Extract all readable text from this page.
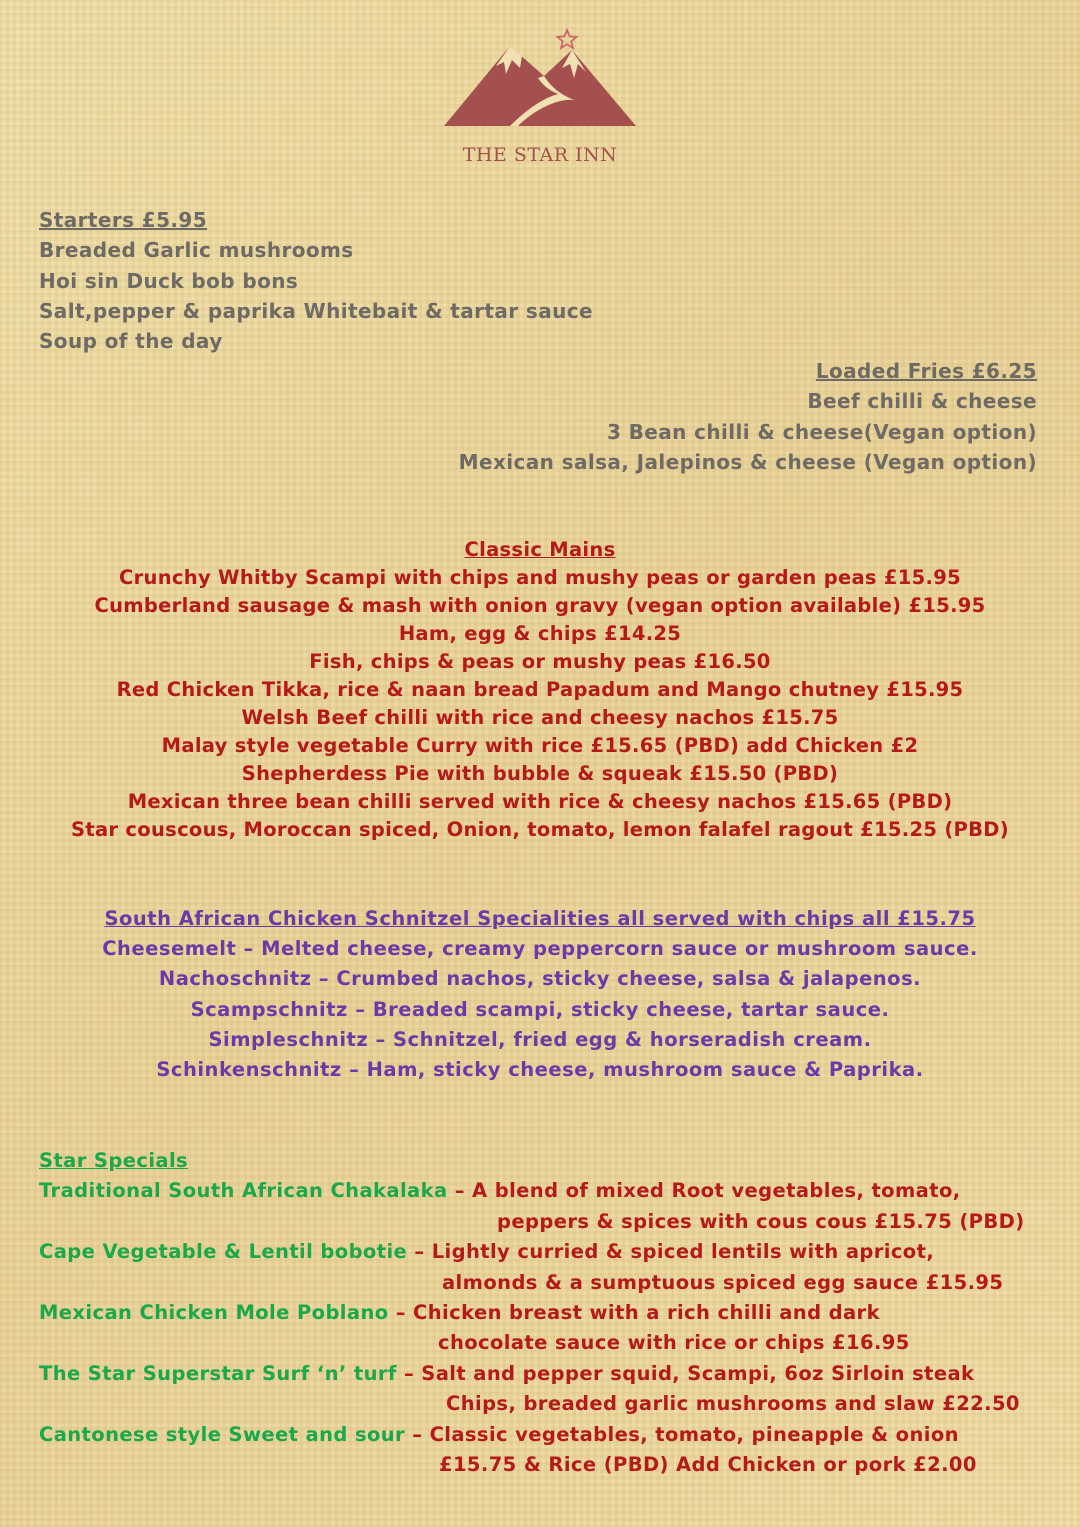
THE STAR INN
Starters £5.95
Breaded Garlic mushrooms
Hoi sin Duck bob bons
Salt,pepper & paprika Whitebait & tartar sauce
Soup of the day
Loaded Fries £6.25
Beef chilli & cheese
3 Bean chilli & cheese(Vegan option)
Mexican salsa, Jalepinos & cheese (Vegan option)
Classic Mains
Crunchy Whitby Scampi with chips and mushy peas or garden peas £15.95
Cumberland sausage & mash with onion gravy (vegan option available) £15.95
Ham, egg & chips £14.25
Fish, chips & peas or mushy peas £16.50
Red Chicken Tikka, rice & naan bread Papadum and Mango chutney £15.95
Welsh Beef chilli with rice and cheesy nachos £15.75
Malay style vegetable Curry with rice £15.65 (PBD) add Chicken £2
Shepherdess Pie with bubble & squeak £15.50 (PBD)
Mexican three bean chilli served with rice & cheesy nachos £15.65 (PBD)
Star couscous, Moroccan spiced, Onion, tomato, lemon falafel ragout £15.25 (PBD)
South African Chicken Schnitzel Specialities all served with chips all £15.75
Cheesemelt – Melted cheese, creamy peppercorn sauce or mushroom sauce.
Nachoschnitz – Crumbed nachos, sticky cheese, salsa & jalapenos.
Scampschnitz – Breaded scampi, sticky cheese, tartar sauce.
Simpleschnitz – Schnitzel, fried egg & horseradish cream.
Schinkenschnitz – Ham, sticky cheese, mushroom sauce & Paprika.
Star Specials
Traditional South African Chakalaka – A blend of mixed Root vegetables, tomato,
peppers & spices with cous cous £15.75 (PBD)
Cape Vegetable & Lentil bobotie – Lightly curried & spiced lentils with apricot,
almonds & a sumptuous spiced egg sauce £15.95
Mexican Chicken Mole Poblano – Chicken breast with a rich chilli and dark
chocolate sauce with rice or chips £16.95
The Star Superstar Surf ‘n’ turf – Salt and pepper squid, Scampi, 6oz Sirloin steak
Chips, breaded garlic mushrooms and slaw £22.50
Cantonese style Sweet and sour – Classic vegetables, tomato, pineapple & onion
£15.75 & Rice (PBD) Add Chicken or pork £2.00
